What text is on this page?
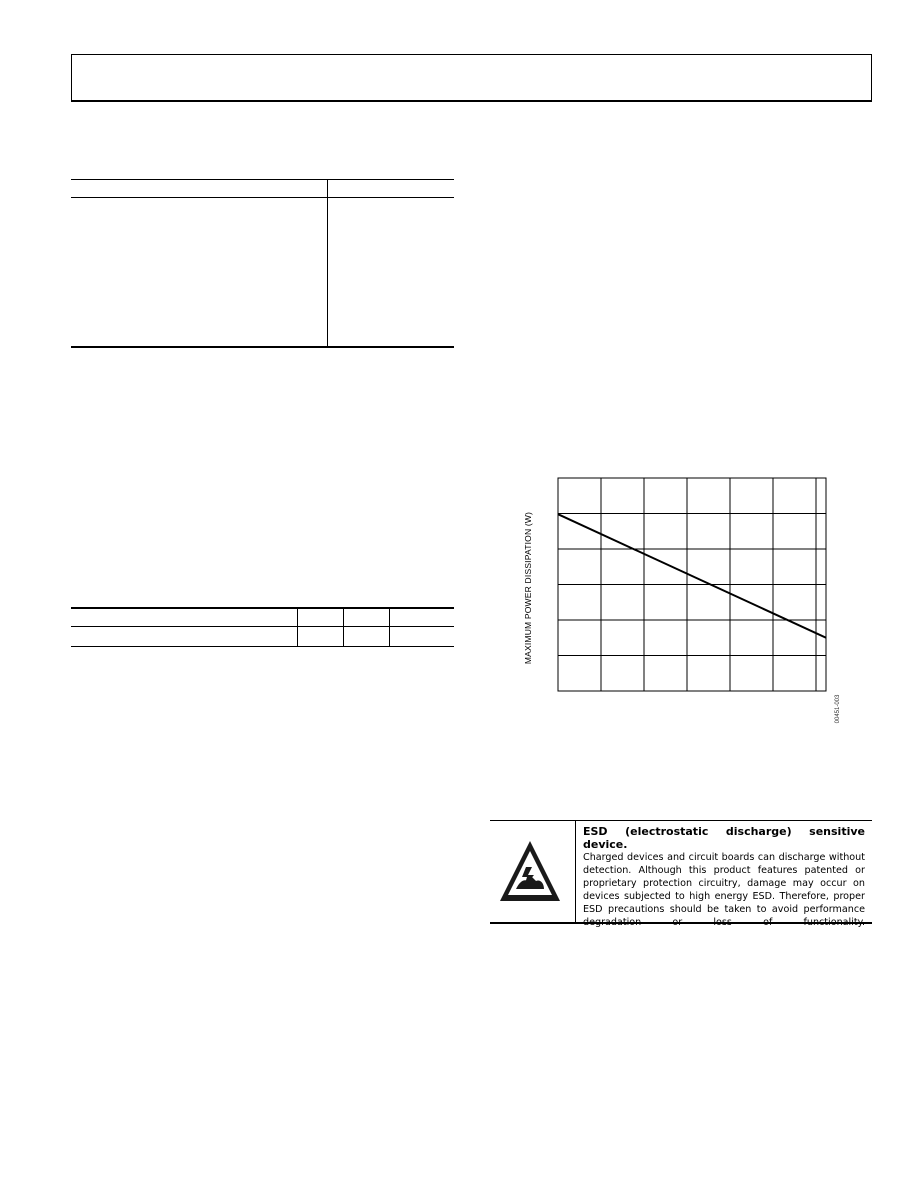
MAXIMUM POWER DISSIPATION (W)
00451-003
ESD (electrostatic discharge) sensitive device.
Charged devices and circuit boards can discharge without detection. Although this product features patented or proprietary protection circuitry, damage may occur on devices subjected to high energy ESD. Therefore, proper ESD precautions should be taken to avoid performance degradation or loss of functionality.
